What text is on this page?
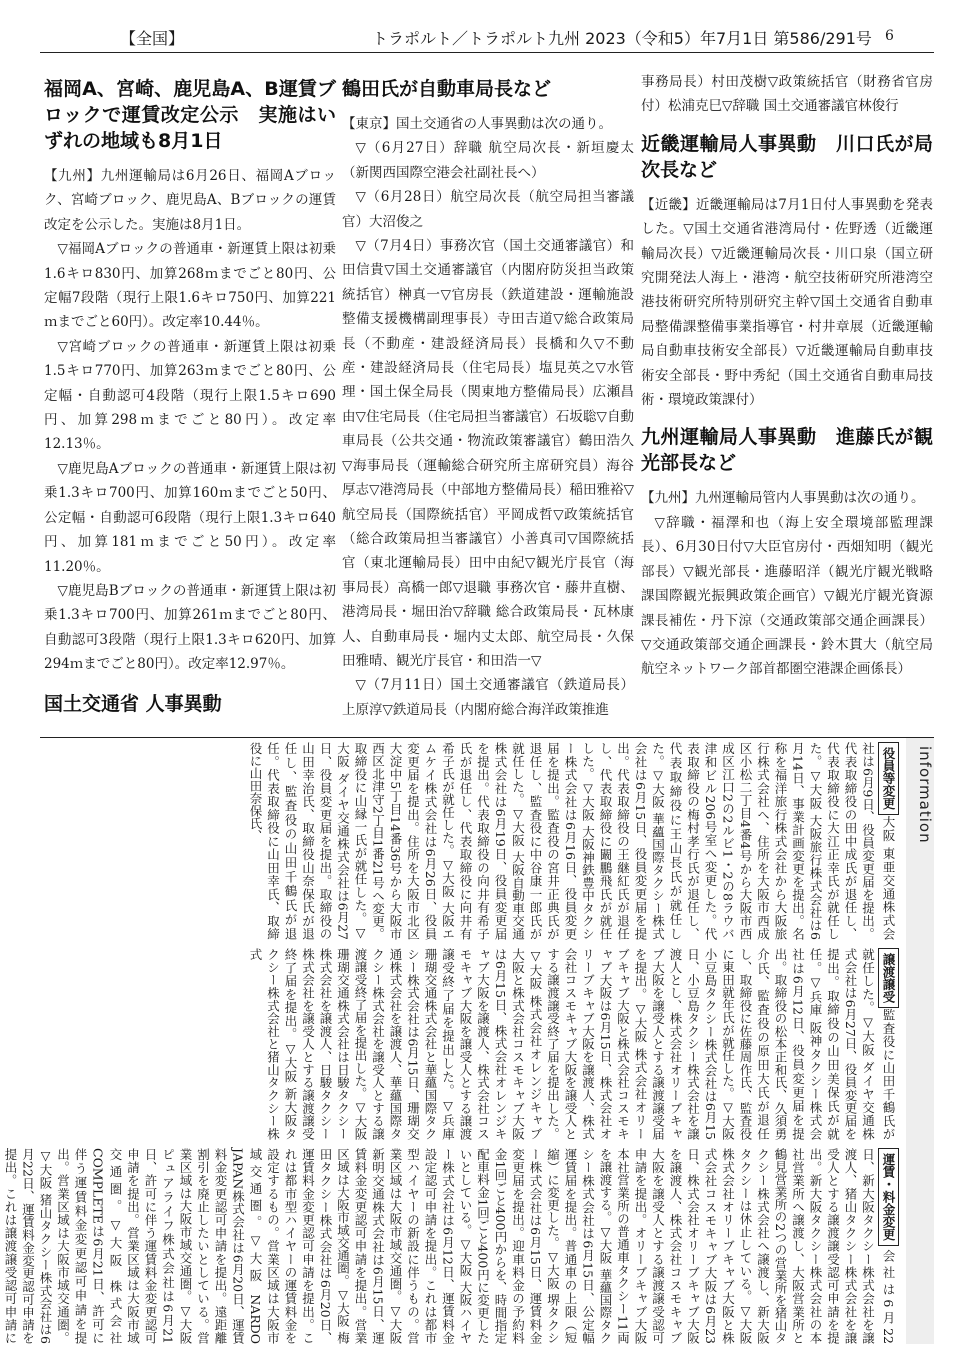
【全国】	トラポルト／トラポルト九州 2023（令和5）年7月1日 第586/291号 6
福岡A、宮崎、鹿児島A、B運賃ブロックで運賃改定公示　実施はいずれの地域も8月1日

【九州】九州運輸局は6月26日、福岡Aブロック、宮崎ブロック、鹿児島A、Bブロックの運賃改定を公示した。実施は8月1日。

▽福岡Aブロックの普通車・新運賃上限は初乗1.6キロ830円、加算268ｍまでごと80円、公定幅7段階（現行上限1.6キロ750円、加算221ｍまでごと60円）。改定率10.44％。

▽宮崎ブロックの普通車・新運賃上限は初乗1.5キロ770円、加算263ｍまでごと80円、公定幅・自動認可4段階（現行上限1.5キロ690円、加算298ｍまでごと80円）。改定率12.13％。

▽鹿児島Aブロックの普通車・新運賃上限は初乗1.3キロ700円、加算160ｍまでごと50円、公定幅・自動認可6段階（現行上限1.3キロ640円、加算181ｍまでごと50円）。改定率11.20％。

▽鹿児島Bブロックの普通車・新運賃上限は初乗1.3キロ700円、加算261ｍまでごと80円、自動認可3段階（現行上限1.3キロ620円、加算294ｍまでごと80円）。改定率12.97％。

国土交通省 人事異動
鶴田氏が自動車局長など

【東京】国土交通省の人事異動は次の通り。

▽（6月27日）辞職 航空局次長・新垣慶太（新関西国際空港会社副社長へ）

▽（6月28日）航空局次長（航空局担当審議官）大沼俊之

▽（7月4日）事務次官（国土交通審議官）和田信貴▽国土交通審議官（内閣府防災担当政策統括官）榊真一▽官房長（鉄道建設・運輸施設整備支援機構副理事長）寺田吉道▽総合政策局長（不動産・建設経済局長）長橋和久▽不動産・建設経済局長（住宅局長）塩見英之▽水管理・国土保全局長（関東地方整備局長）広瀬昌由▽住宅局長（住宅局担当審議官）石坂聡▽自動車局長（公共交通・物流政策審議官）鶴田浩久▽海事局長（運輸総合研究所主席研究員）海谷厚志▽港湾局長（中部地方整備局長）稲田雅裕▽航空局長（国際統括官）平岡成哲▽政策統括官（総合政策局担当審議官）小善真司▽国際統括官（東北運輸局長）田中由紀▽観光庁長官（海事局長）高橋一郎▽退職 事務次官・藤井直樹、港湾局長・堀田治▽辞職 総合政策局長・瓦林康人、自動車局長・堀内丈太郎、航空局長・久保田雅晴、観光庁長官・和田浩一▽

▽（7月11日）国土交通審議官（鉄道局長）上原淳▽鉄道局長（内閣府総合海洋政策推進

事務局長）村田茂樹▽政策統括官（財務省官房付）松浦克巳▽辞職 国土交通審議官林俊行

近畿運輸局人事異動　川口氏が局次長など

【近畿】近畿運輸局は7月1日付人事異動を発表した。▽国土交通省港湾局付・佐野透（近畿運輸局次長）▽近畿運輸局次長・川口泉（国立研究開発法人海上・港湾・航空技術研究所港湾空港技術研究所特別研究主幹▽国土交通省自動車局整備課整備事業指導官・村井章展（近畿運輸局自動車技術安全部長）▽近畿運輸局自動車技術安全部長・野中秀紀（国土交通省自動車局技術・環境政策課付）

九州運輸局人事異動　進藤氏が観光部長など

【九州】九州運輸局管内人事異動は次の通り。

▽辞職・福澤和也（海上安全環境部監理課長）、6月30日付▽大臣官房付・西畑知明（観光部長）▽観光部長・進藤昭洋（観光庁観光戦略課国際観光振興政策企画官）▽観光庁観光資源課長補佐・丹下涼（交通政策部交通企画課長）▽交通政策部交通企画課長・鈴木貫大（航空局航空ネットワーク部首都圏空港課企画係長）

information

役員等変更大阪 東亜交通株式会社は6月9日、役員変更届を提出。代表取締役の田中成氏が退任し、代表取締役に大江正幸氏が就任した。▽大阪 大阪旅行株式会社は6月14日、事業計画変更を提出。名称を福洋旅行株式会社から大阪旅行株式会社へ、住所を大阪市西成区小松二丁目4番4号から大阪市西成区江口2の2ルビ1・2の8ラウバ津和ビル206号室へ変更した。代表取締役の梅村孝行氏が退任し、代表取締役に王山長氏が就任した。▽大阪 華蘊国際タクシー株式会社は6月15日、役員変更届を提出。代表取締役の王継紅氏が退任し、代表取締役に闞鵬飛氏が就任した。▽大阪 大阪神鉄豊中タクシー株式会社は6月16日、役員変更届を提出。監査役の宮井正典氏が退任し、監査役に中谷康一郎氏が就任した。▽大阪 大阪自動車交通株式会社は6月19日、役員変更届を提出。代表取締役の向井有希子氏が退任し、代表取締役に向井有希子氏が就任した。▽大阪 大阪エムケイ株式会社は6月26日、役員変更届を提出。住所を大阪市北区大淀中5丁目14番36号から大阪市西区北津守2丁目1番21号へ変更。取締役に山縁一氏が就任した。▽大阪 ダイヤ交通株式会社は6月27日、役員変更届を提出。取締役の山田幸治氏、取締役山奈保氏が退任し、監査役の山田千鶴氏が退任。代表取締役に山田幸氏、取締役に山田奈保氏、

譲渡譲受監査役に山田千鶴氏が就任した。▽大阪 ダイヤ交通株式会社は6月27日、役員変更届を提出。取締役の山田美保氏が就任。▽兵庫 阪神タクシー株式会社は6月12日、役員変更届を提出。取締役の松本正和氏、久須勇介氏、監査役の原田大氏が退任し、取締役に佐藤周作氏、監査役に東田就年氏が就任した。▽大阪 小豆島タクシー株式会社は6月15日、小豆島タクシー株式会社を譲渡人とし、株式会社オリーブキャブ大阪を譲受人とする譲渡譲受届を提出。▽大阪 株式会社オリーブキャブ大阪と株式会社コスモキャブ大阪は6月15日、株式会社オリーブキャブ大阪を譲渡人、株式会社コスモキャブ大阪を譲受人とする譲渡譲受終了届を提出した。▽大阪 株式会社オレンジキャブ大阪と株式会社コスモキャブ大阪は6月15日、株式会社オレンジキャブ大阪を譲渡人、株式会社コスモキャブ大阪を譲受人とする譲渡譲受終了届を提出した。▽兵庫 珊瑚交通株式会社と華蘊国際タクシー株式会社は6月15日、珊瑚交通株式会社を譲渡人、華蘊国際タクシー株式会社を譲受人とする譲渡譲受終了届を提出した。▽大阪 珊瑚交通株式会社は日駿タクシー株式会社を譲渡人、日駿タクシー株式会社を譲受人とする譲渡譲受終了届を提出。▽大阪 新大阪タクシー株式会社と猪山タクシー株式

運賃・料金変更会社は6月22日、新大阪タクシー株式会社を譲渡人、猪山タクシー株式会社を譲受人とする譲渡譲受認可申請を提出。新大阪タクシー株式会社の本社営業所へ譲渡し、大阪営業所と鶴見営業所の2つの営業所を猪山タクシー株式会社へ譲渡し、新大阪タクシーは休止している。▽大阪 株式会社オリーブキャブ大阪と株式会社コスモキャブ大阪は6月23日、株式会社オリーブキャブ大阪を譲渡人、株式会社コスモキャブ大阪を譲受人とする譲渡譲受認可申請を提出。オリーブキャブ大阪本社営業所の普通車タクシー11両を譲渡する。▽大阪 華蘊国際タクシー株式会社は6月15日、公定幅運賃届を提出。普通車の上限（短縮）に変更した。▽大阪 堺タクシー株式会社は6月15日、運賃料金変更届を提出。迎車料金の予約料金1回ごと400円からを、時間指定配車料金1回ごと400円に変更したいとしている。▽大阪 大阪ハイヤー株式会社は6月12日、運賃料金設定認可申請を提出。これは都市型ハイヤーの新設に伴うもの。営業区域は大阪市域交通圏。▽大阪 新明交通株式会社は6月15日、運賃料金変更認可申請を提出。営業区域は大阪市域交通圏。▽大阪 梅田タクシー株式会社は6月20日、運賃料金変更認可申請を提出。これは都市型ハイヤーの運賃料金を設定するもの。営業区域は大阪市域交通圏。▽大阪 NARDO JAPAN株式会社は6月20日、運賃料金変更認可申請を提出。遠距離割引を廃止したいとしている。営業区域は大阪市域交通圏。▽大阪 ピュアライフ株式会社は6月21日、許可に伴う運賃料金変更認可申請を提出。営業区域は大阪市域交通圏。▽大阪 株式会社COMPLETEは6月21日、許可に伴う運賃料金変更認可申請を提出。営業区域は大阪市域交通圏。▽大阪 猪山タクシー株式会社は6月22日、運賃料金変更認可申請を提出。これは譲渡譲受認可申請に
